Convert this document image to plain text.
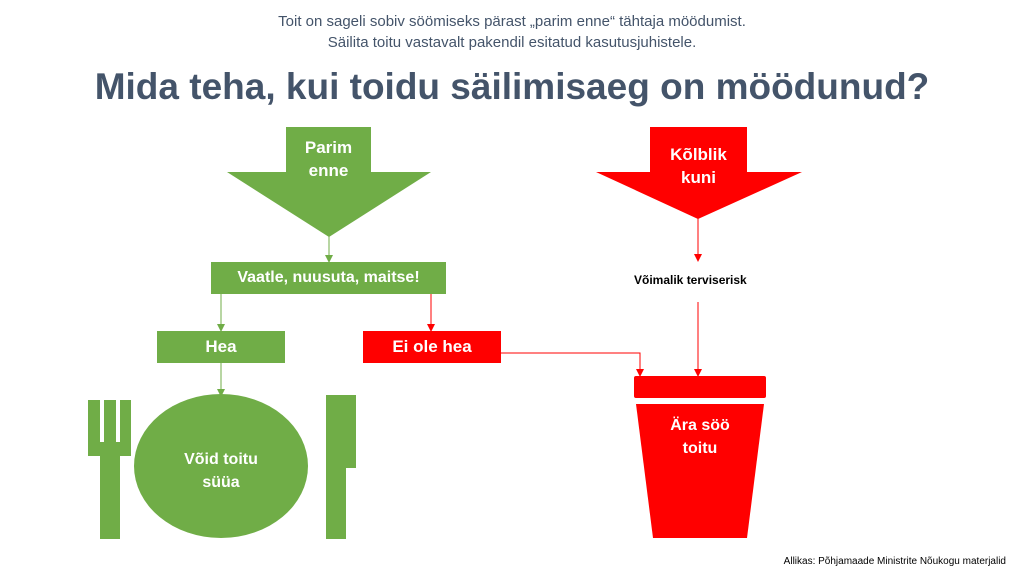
Toit on sageli sobiv söömiseks pärast „parim enne“ tähtaja möödumist.
Säilita toitu vastavalt pakendil esitatud kasutusjuhistele.
Mida teha, kui toidu säilimisaeg on möödunud?
Parim
enne
Kõlblik
kuni
Vaatle, nuusuta, maitse!
Hea	Ei ole hea
Võimalik terviserisk
Võid toitu
süüa
Ära söö
toitu
Allikas: Põhjamaade Ministrite Nõukogu materjalid
